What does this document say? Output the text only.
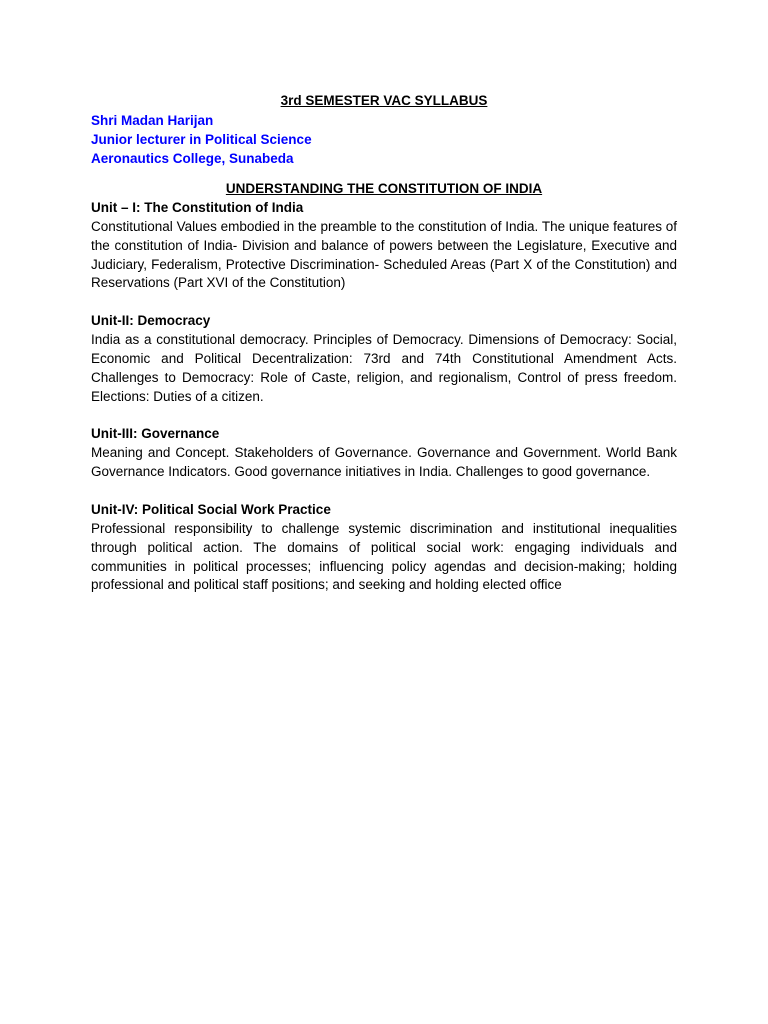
3rd SEMESTER VAC SYLLABUS
Shri Madan Harijan
Junior lecturer in Political Science
Aeronautics College, Sunabeda
UNDERSTANDING THE CONSTITUTION OF INDIA
Unit – I: The Constitution of India

Constitutional Values embodied in the preamble to the constitution of India. The unique features of the constitution of India- Division and balance of powers between the Legislature, Executive and Judiciary, Federalism, Protective Discrimination- Scheduled Areas (Part X of the Constitution) and Reservations (Part XVI of the Constitution)

Unit-II: Democracy

India as a constitutional democracy. Principles of Democracy. Dimensions of Democracy: Social, Economic and Political Decentralization: 73rd and 74th Constitutional Amendment Acts. Challenges to Democracy: Role of Caste, religion, and regionalism, Control of press freedom. Elections: Duties of a citizen.

Unit-III: Governance

Meaning and Concept. Stakeholders of Governance. Governance and Government. World Bank Governance Indicators. Good governance initiatives in India. Challenges to good governance.

Unit-IV: Political Social Work Practice

Professional responsibility to challenge systemic discrimination and institutional inequalities through political action. The domains of political social work: engaging individuals and communities in political processes; influencing policy agendas and decision-making; holding professional and political staff positions; and seeking and holding elected office
